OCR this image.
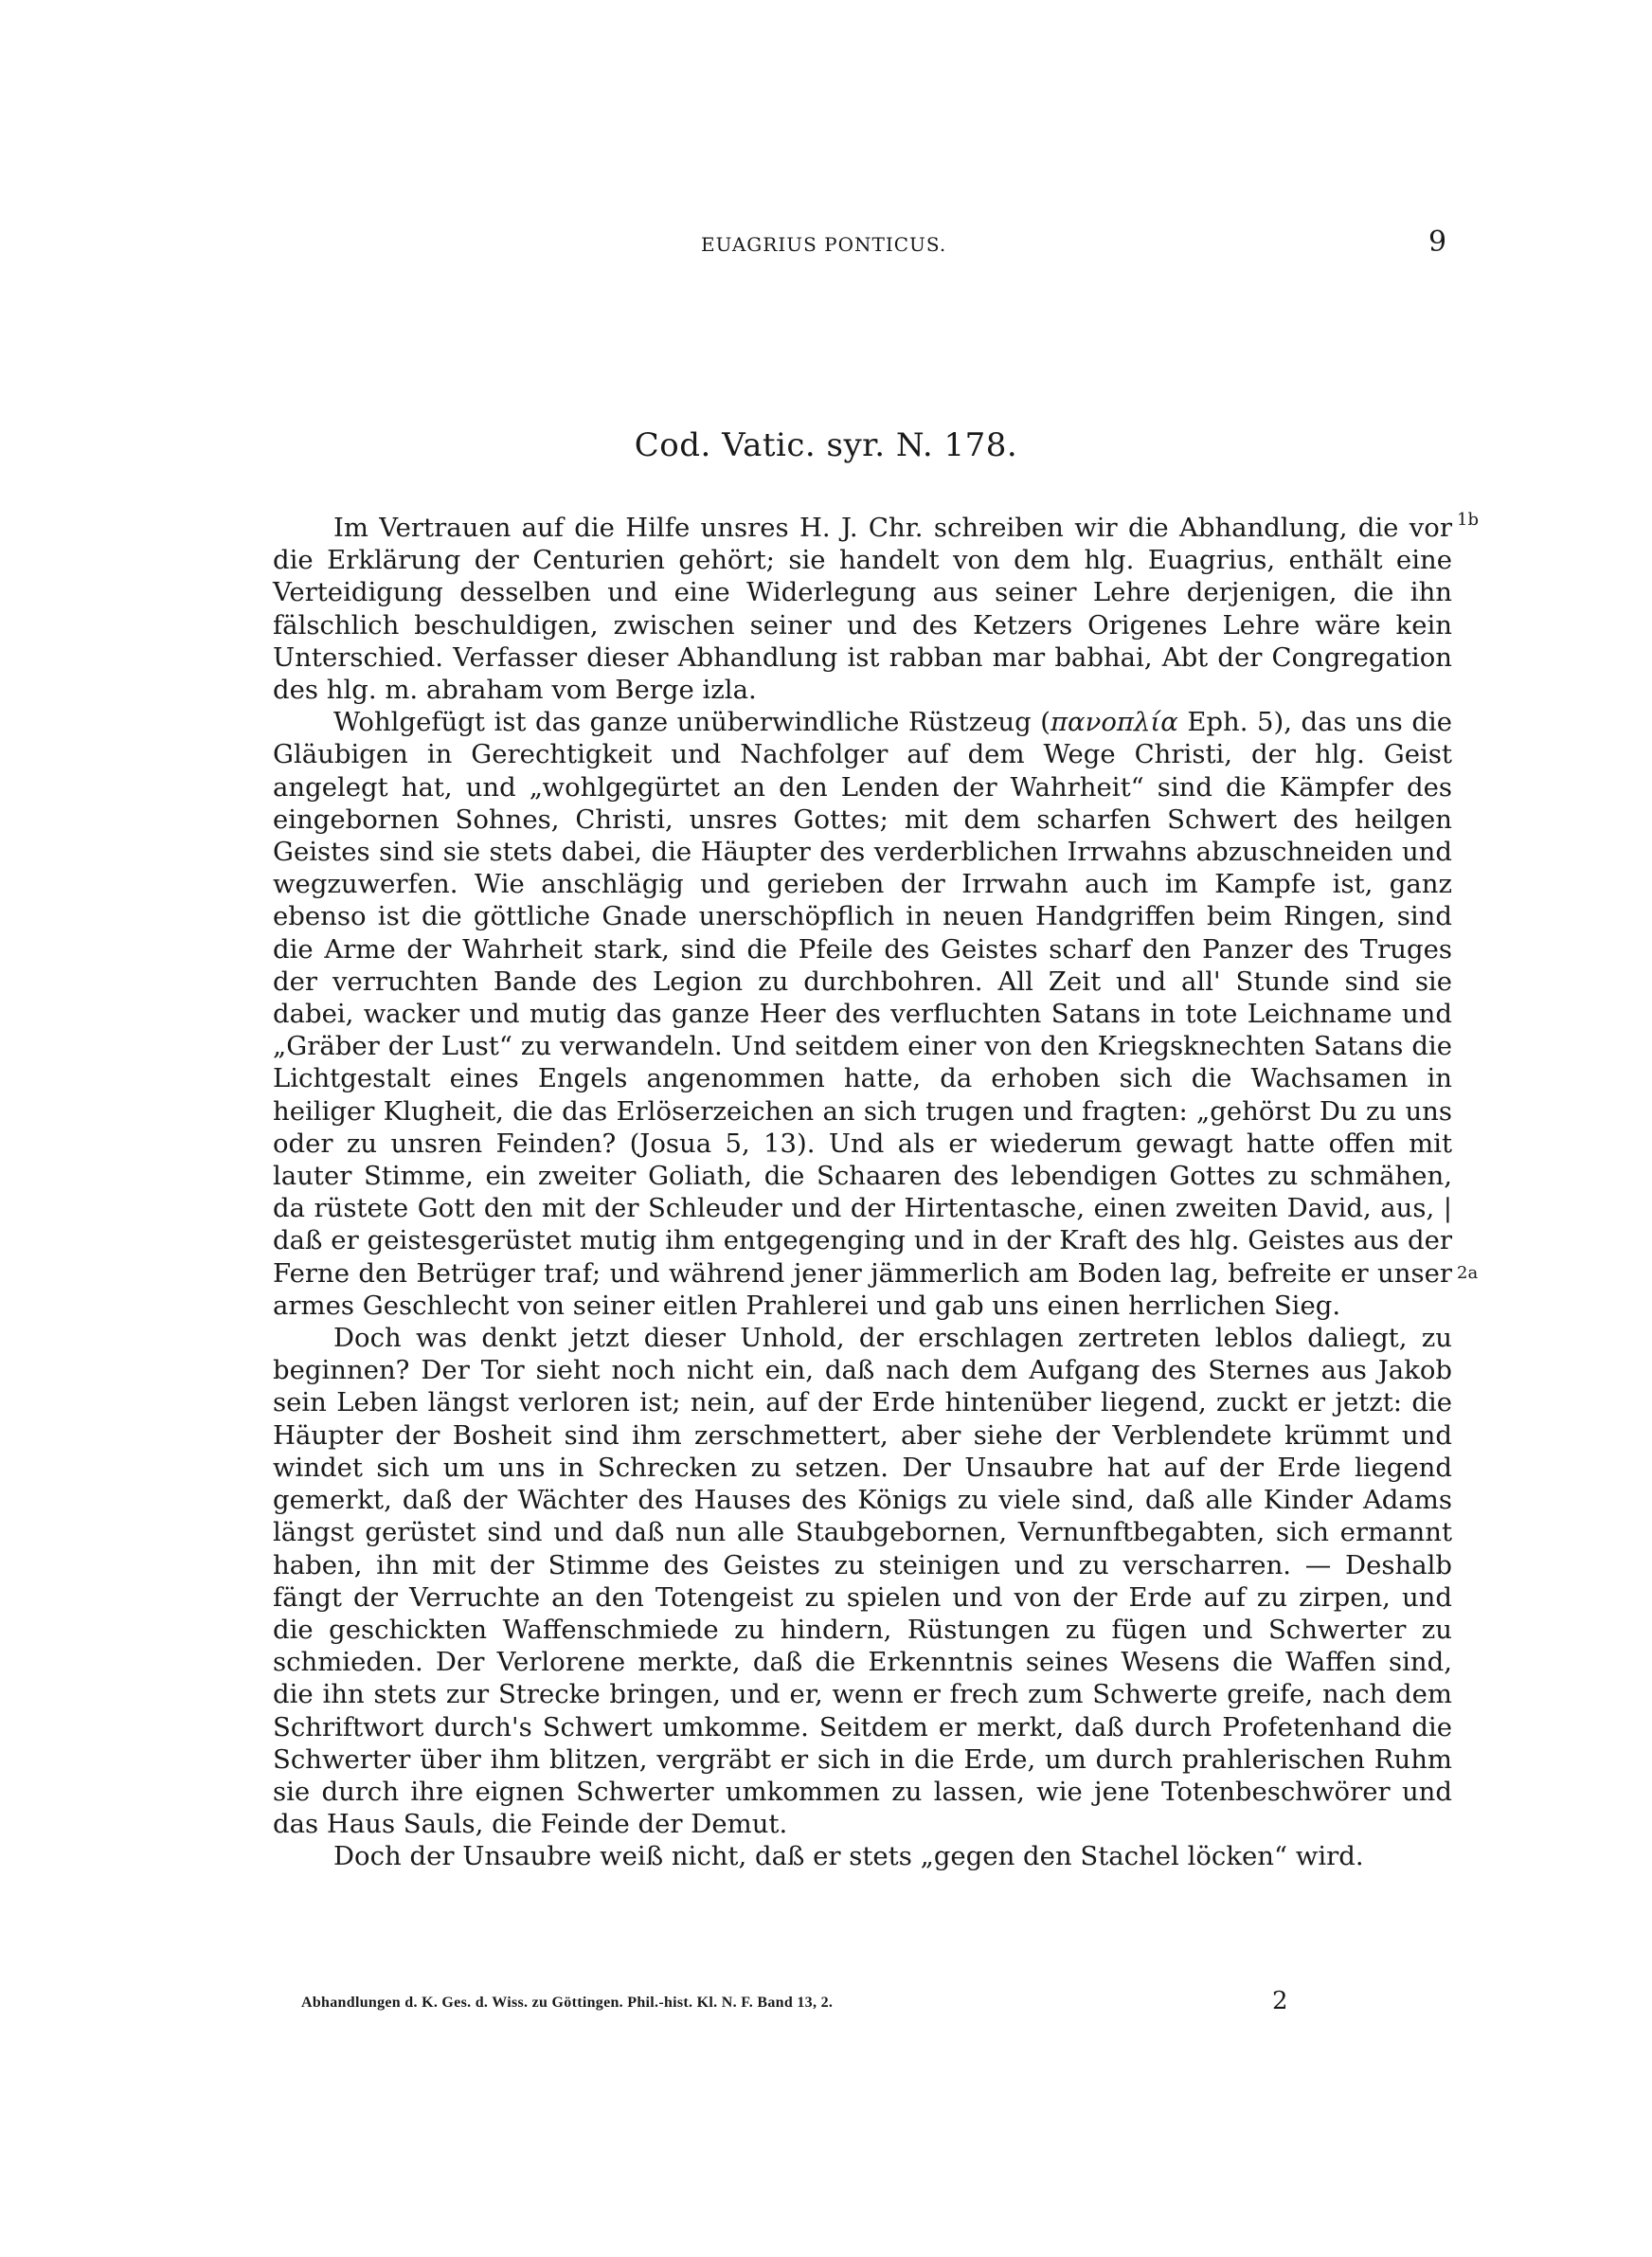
EUAGRIUS PONTICUS.	9
Cod. Vatic. syr. N. 178.
1b
2a

Im Vertrauen auf die Hilfe unsres H. J. Chr. schreiben wir die Abhandlung, die vor die Erklärung der Centurien gehört; sie handelt von dem hlg. Euagrius, enthält eine Verteidigung desselben und eine Widerlegung aus seiner Lehre derjenigen, die ihn fälschlich beschuldigen, zwischen seiner und des Ketzers Origenes Lehre wäre kein Unterschied. Verfasser dieser Abhandlung ist rabban mar babhai, Abt der Congregation des hlg. m. abraham vom Berge izla.

Wohlgefügt ist das ganze unüberwindliche Rüstzeug (πανοπλία Eph. 5), das uns die Gläubigen in Gerechtigkeit und Nachfolger auf dem Wege Christi, der hlg. Geist angelegt hat, und „wohlgegürtet an den Lenden der Wahrheit“ sind die Kämpfer des eingebornen Sohnes, Christi, unsres Gottes; mit dem scharfen Schwert des heilgen Geistes sind sie stets dabei, die Häupter des verderblichen Irrwahns abzuschneiden und wegzuwerfen. Wie anschlägig und gerieben der Irrwahn auch im Kampfe ist, ganz ebenso ist die göttliche Gnade unerschöpflich in neuen Handgriffen beim Ringen, sind die Arme der Wahrheit stark, sind die Pfeile des Geistes scharf den Panzer des Truges der verruchten Bande des Legion zu durchbohren. All Zeit und all' Stunde sind sie dabei, wacker und mutig das ganze Heer des verfluchten Satans in tote Leichname und „Gräber der Lust“ zu verwandeln. Und seitdem einer von den Kriegsknechten Satans die Lichtgestalt eines Engels angenommen hatte, da erhoben sich die Wachsamen in heiliger Klugheit, die das Erlöserzeichen an sich trugen und fragten: „gehörst Du zu uns oder zu unsren Feinden? (Josua 5, 13). Und als er wiederum gewagt hatte offen mit lauter Stimme, ein zweiter Goliath, die Schaaren des lebendigen Gottes zu schmähen, da rüstete Gott den mit der Schleuder und der Hirtentasche, einen zweiten David, aus, | daß er geistesgerüstet mutig ihm entgegenging und in der Kraft des hlg. Geistes aus der Ferne den Betrüger traf; und während jener jämmerlich am Boden lag, befreite er unser armes Geschlecht von seiner eitlen Prahlerei und gab uns einen herrlichen Sieg.

Doch was denkt jetzt dieser Unhold, der erschlagen zertreten leblos daliegt, zu beginnen? Der Tor sieht noch nicht ein, daß nach dem Aufgang des Sternes aus Jakob sein Leben längst verloren ist; nein, auf der Erde hintenüber liegend, zuckt er jetzt: die Häupter der Bosheit sind ihm zerschmettert, aber siehe der Verblendete krümmt und windet sich um uns in Schrecken zu setzen. Der Unsaubre hat auf der Erde liegend gemerkt, daß der Wächter des Hauses des Königs zu viele sind, daß alle Kinder Adams längst gerüstet sind und daß nun alle Staubgebornen, Vernunftbegabten, sich ermannt haben, ihn mit der Stimme des Geistes zu steinigen und zu verscharren. — Deshalb fängt der Verruchte an den Totengeist zu spielen und von der Erde auf zu zirpen, und die geschickten Waffenschmiede zu hindern, Rüstungen zu fügen und Schwerter zu schmieden. Der Verlorene merkte, daß die Erkenntnis seines Wesens die Waffen sind, die ihn stets zur Strecke bringen, und er, wenn er frech zum Schwerte greife, nach dem Schriftwort durch's Schwert umkomme. Seitdem er merkt, daß durch Profetenhand die Schwerter über ihm blitzen, vergräbt er sich in die Erde, um durch prahlerischen Ruhm sie durch ihre eignen Schwerter umkommen zu lassen, wie jene Totenbeschwörer und das Haus Sauls, die Feinde der Demut.

Doch der Unsaubre weiß nicht, daß er stets „gegen den Stachel löcken“ wird.

Abhandlungen d. K. Ges. d. Wiss. zu Göttingen. Phil.-hist. Kl. N. F. Band 13, 2.	2
